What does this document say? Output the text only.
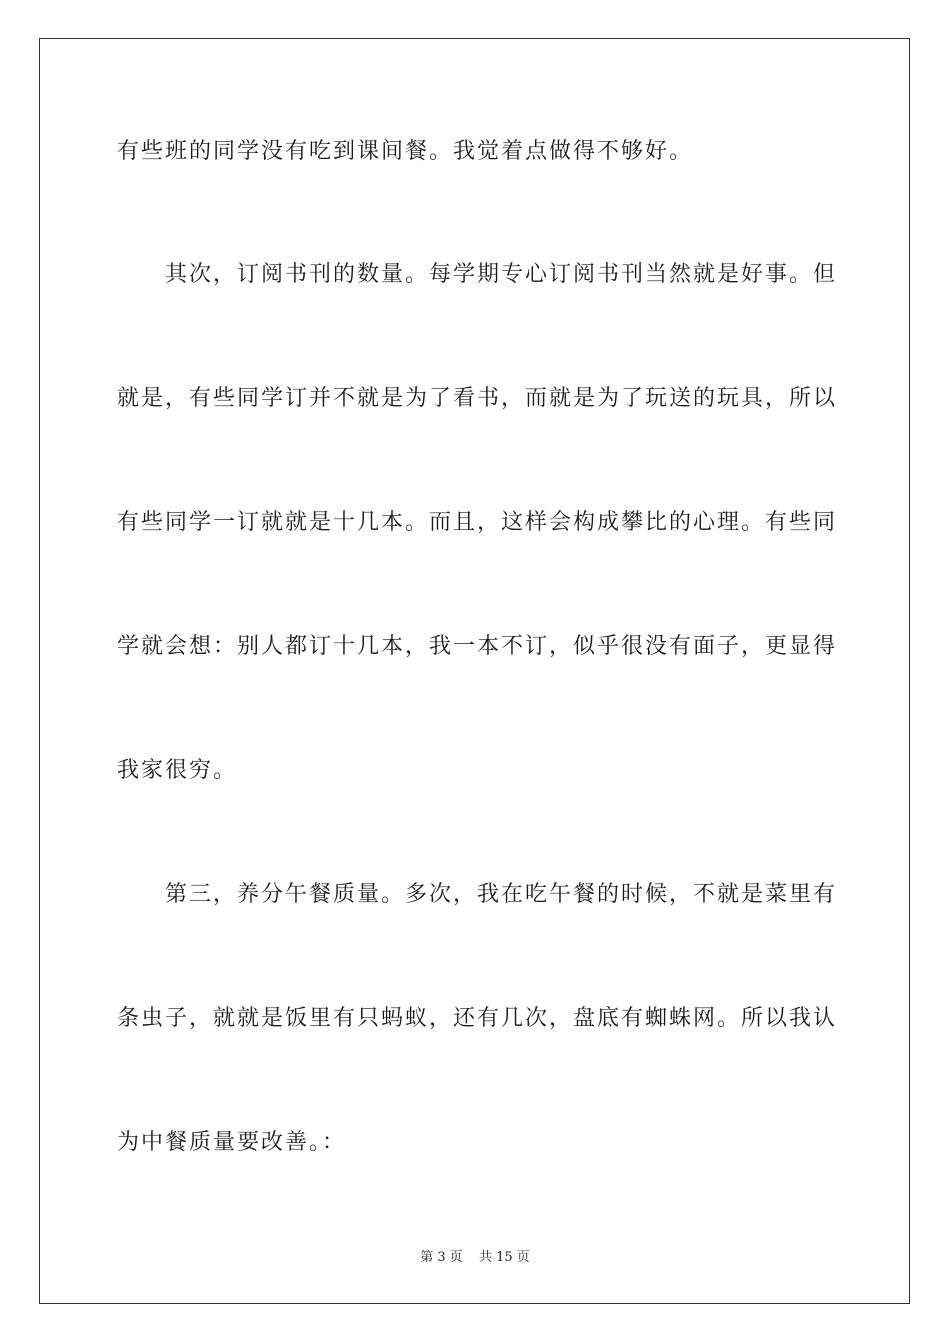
有些班的同学没有吃到课间餐。我觉着点做得不够好。
其次，订阅书刊的数量。每学期专心订阅书刊当然就是好事。但
就是，有些同学订并不就是为了看书，而就是为了玩送的玩具，所以
有些同学一订就就是十几本。而且，这样会构成攀比的心理。有些同
学就会想：别人都订十几本，我一本不订，似乎很没有面子，更显得
我家很穷。
第三，养分午餐质量。多次，我在吃午餐的时候，不就是菜里有
条虫子，就就是饭里有只蚂蚁，还有几次，盘底有蜘蛛网。所以我认
为中餐质量要改善。：
第 3 页 共 15 页
